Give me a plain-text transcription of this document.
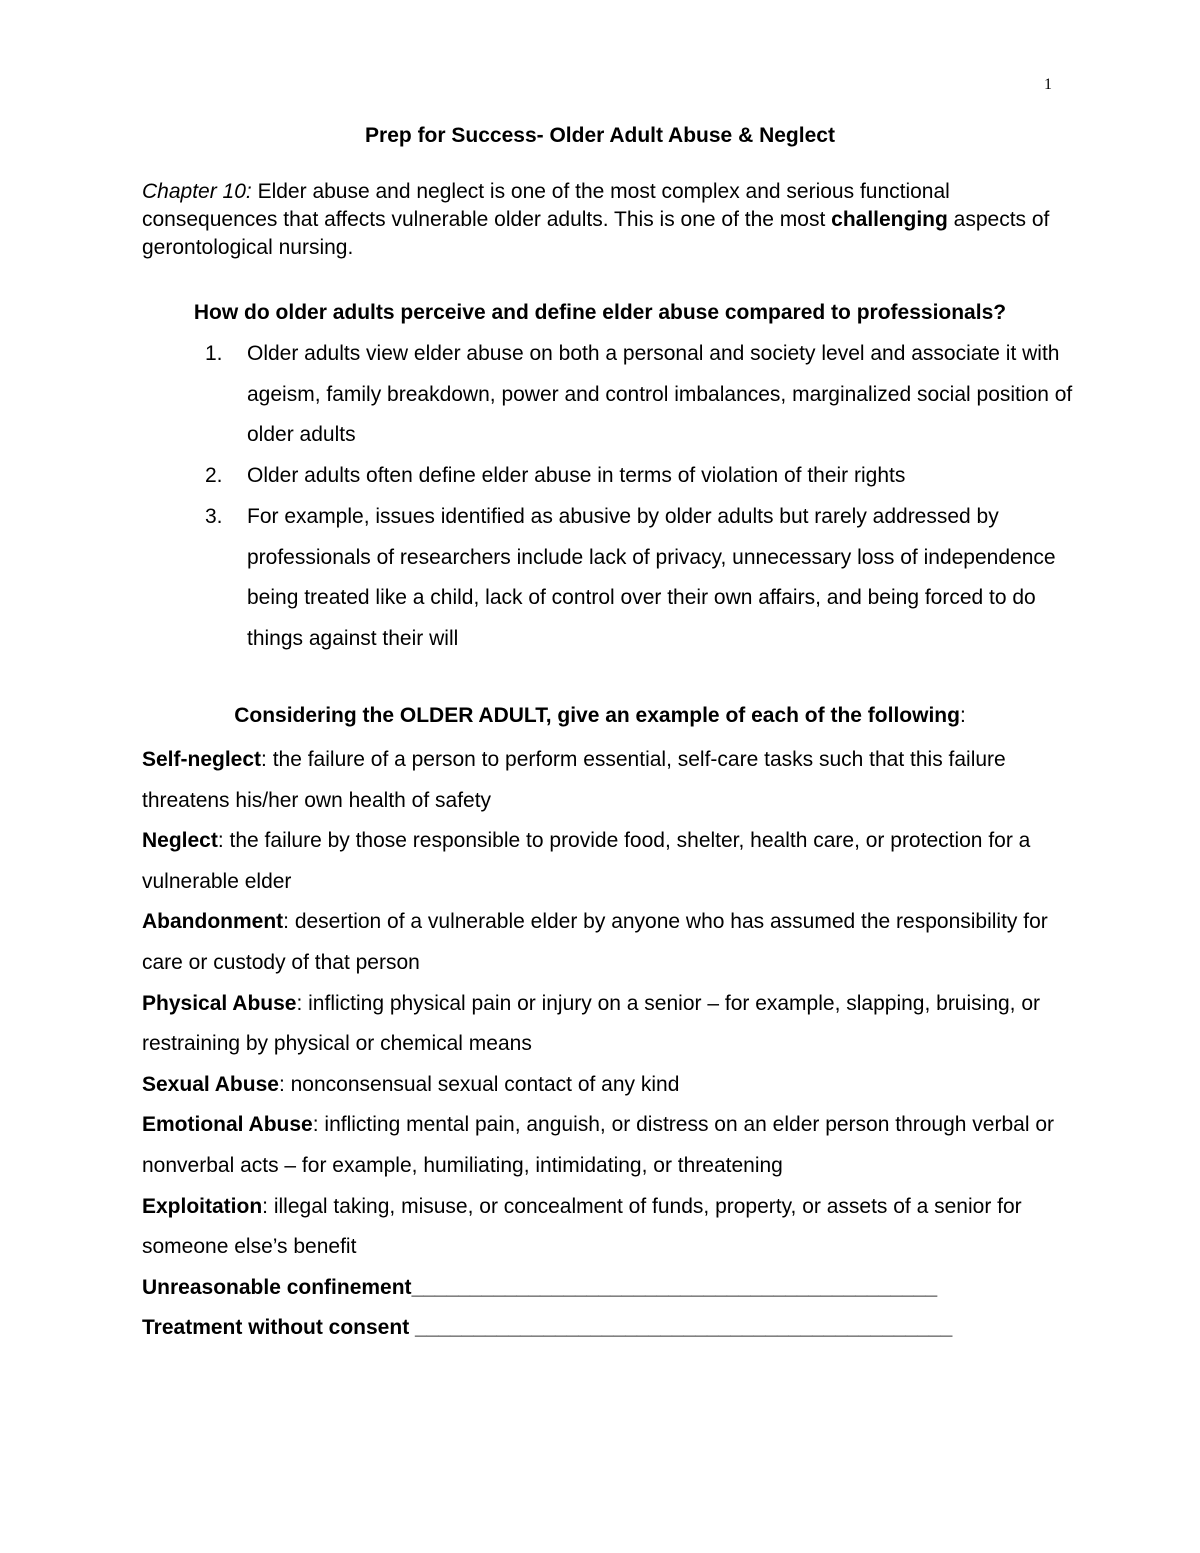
1
Prep for Success- Older Adult Abuse & Neglect
Chapter 10: Elder abuse and neglect is one of the most complex and serious functional consequences that affects vulnerable older adults. This is one of the most challenging aspects of gerontological nursing.
How do older adults perceive and define elder abuse compared to professionals?
1. Older adults view elder abuse on both a personal and society level and associate it with ageism, family breakdown, power and control imbalances, marginalized social position of older adults
2. Older adults often define elder abuse in terms of violation of their rights
3. For example, issues identified as abusive by older adults but rarely addressed by professionals of researchers include lack of privacy, unnecessary loss of independence being treated like a child, lack of control over their own affairs, and being forced to do things against their will
Considering the OLDER ADULT, give an example of each of the following:

Self-neglect: the failure of a person to perform essential, self-care tasks such that this failure threatens his/her own health of safety

Neglect: the failure by those responsible to provide food, shelter, health care, or protection for a vulnerable elder

Abandonment: desertion of a vulnerable elder by anyone who has assumed the responsibility for care or custody of that person

Physical Abuse: inflicting physical pain or injury on a senior – for example, slapping, bruising, or restraining by physical or chemical means

Sexual Abuse: nonconsensual sexual contact of any kind

Emotional Abuse: inflicting mental pain, anguish, or distress on an elder person through verbal or nonverbal acts – for example, humiliating, intimidating, or threatening

Exploitation: illegal taking, misuse, or concealment of funds, property, or assets of a senior for someone else’s benefit

Unreasonable confinement_____________________________________________
Treatment without consent ______________________________________________
